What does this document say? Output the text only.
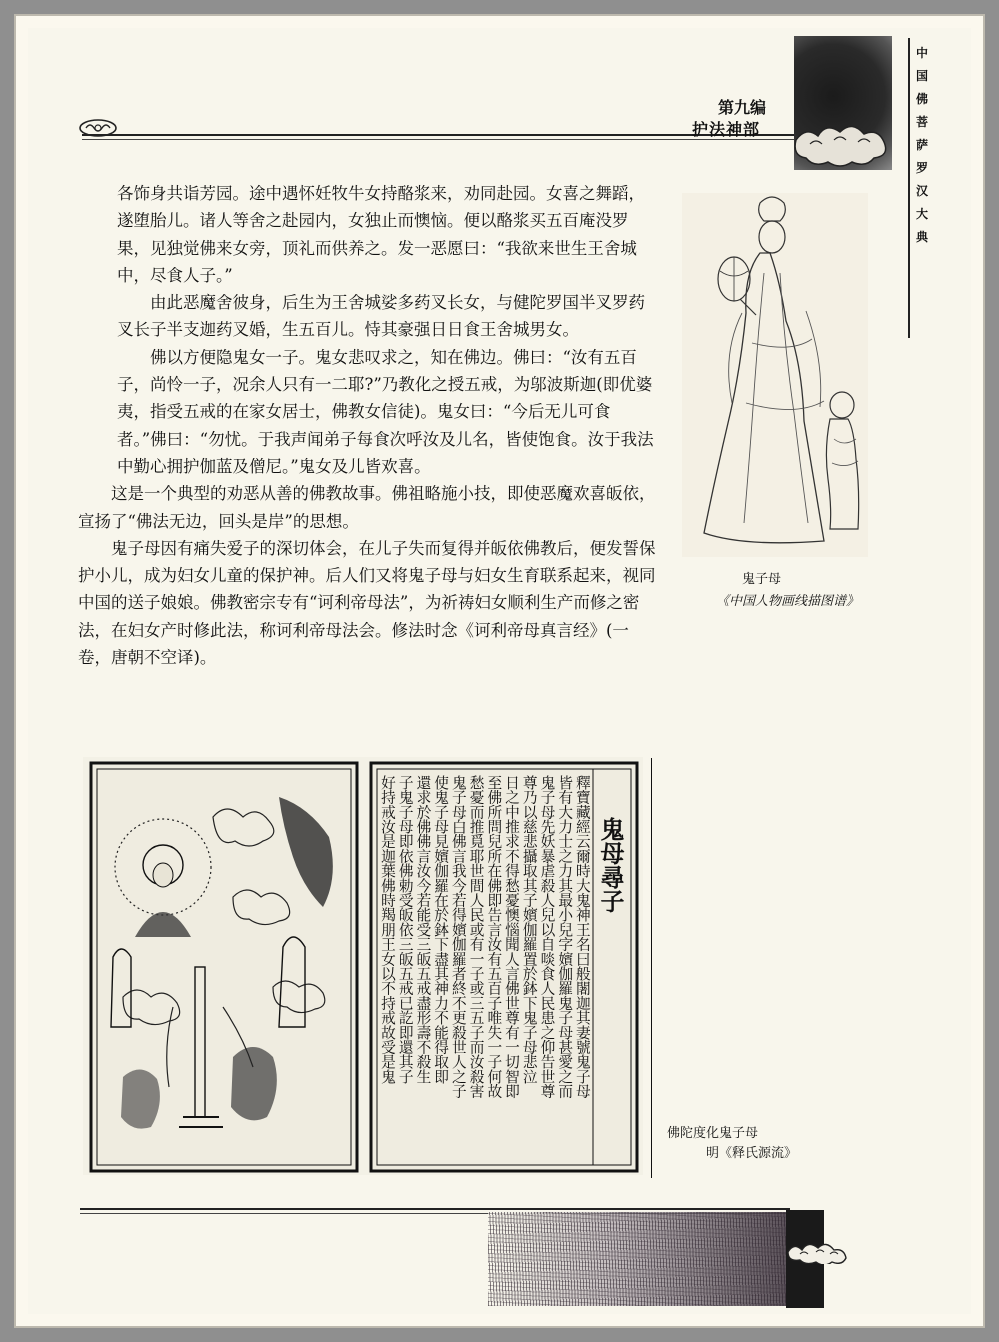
第九编
护法神部
中
国
佛
菩
萨
罗
汉
大
典

各饰身共诣芳园。途中遇怀妊牧牛女持酪浆来，劝同赴园。女喜之舞蹈，遂堕胎儿。诸人等舍之赴园内，女独止而懊恼。便以酪浆买五百庵没罗果，见独觉佛来女旁，顶礼而供养之。发一恶愿曰：“我欲来世生王舍城中，尽食人子。”

由此恶魔舍彼身，后生为王舍城娑多药叉长女，与健陀罗国半叉罗药叉长子半支迦药叉婚，生五百儿。恃其豪强日日食王舍城男女。

佛以方便隐鬼女一子。鬼女悲叹求之，知在佛边。佛曰：“汝有五百子，尚怜一子，况余人只有一二耶?”乃教化之授五戒，为邬波斯迦(即优婆夷，指受五戒的在家女居士，佛教女信徒)。鬼女曰：“今后无儿可食者。”佛曰：“勿忧。于我声闻弟子每食次呼汝及儿名，皆使饱食。汝于我法中勤心拥护伽蓝及僧尼。”鬼女及儿皆欢喜。

这是一个典型的劝恶从善的佛教故事。佛祖略施小技，即使恶魔欢喜皈依，宣扬了“佛法无边，回头是岸”的思想。

鬼子母因有痛失爱子的深切体会，在儿子失而复得并皈依佛教后，便发誓保护小儿，成为妇女儿童的保护神。后人们又将鬼子母与妇女生育联系起来，视同中国的送子娘娘。佛教密宗专有“诃利帝母法”，为祈祷妇女顺利生产而修之密法，在妇女产时修此法，称诃利帝母法会。修法时念《诃利帝母真言经》(一卷，唐朝不空译)。

鬼子母
《中国人物画线描图谱》
鬼母尋子
釋寶藏經云爾時大鬼神王名曰般闍迦其妻號鬼子母
皆有大力士之力其最小兒字嬪伽羅鬼子母甚愛之而
鬼子母先妖暴虐殺人兒以自啖食人民患之仰告世尊
尊乃以慈悲攝取其子嬪伽羅置於鉢下鬼子母悲泣
日之中推求不得愁憂懊惱聞人言佛世尊有一切智即
至佛所問兒所在佛即告言汝有五百子唯失一子何故
愁憂而推覓耶世間人民或有一子或三五子而汝殺害
鬼子母白佛言我今若得嬪伽羅者終不更殺世人之子
使鬼子母見嬪伽羅在於鉢下盡其神力不能得取即
還求於佛佛言汝今若能受三皈五戒盡形壽不殺生
子鬼子母即依佛勅受皈依三皈五戒已訖即還其子
好持戒汝是迦葉佛時羯朋王女以不持戒故受是鬼
佛陀度化鬼子母
明《释氏源流》
